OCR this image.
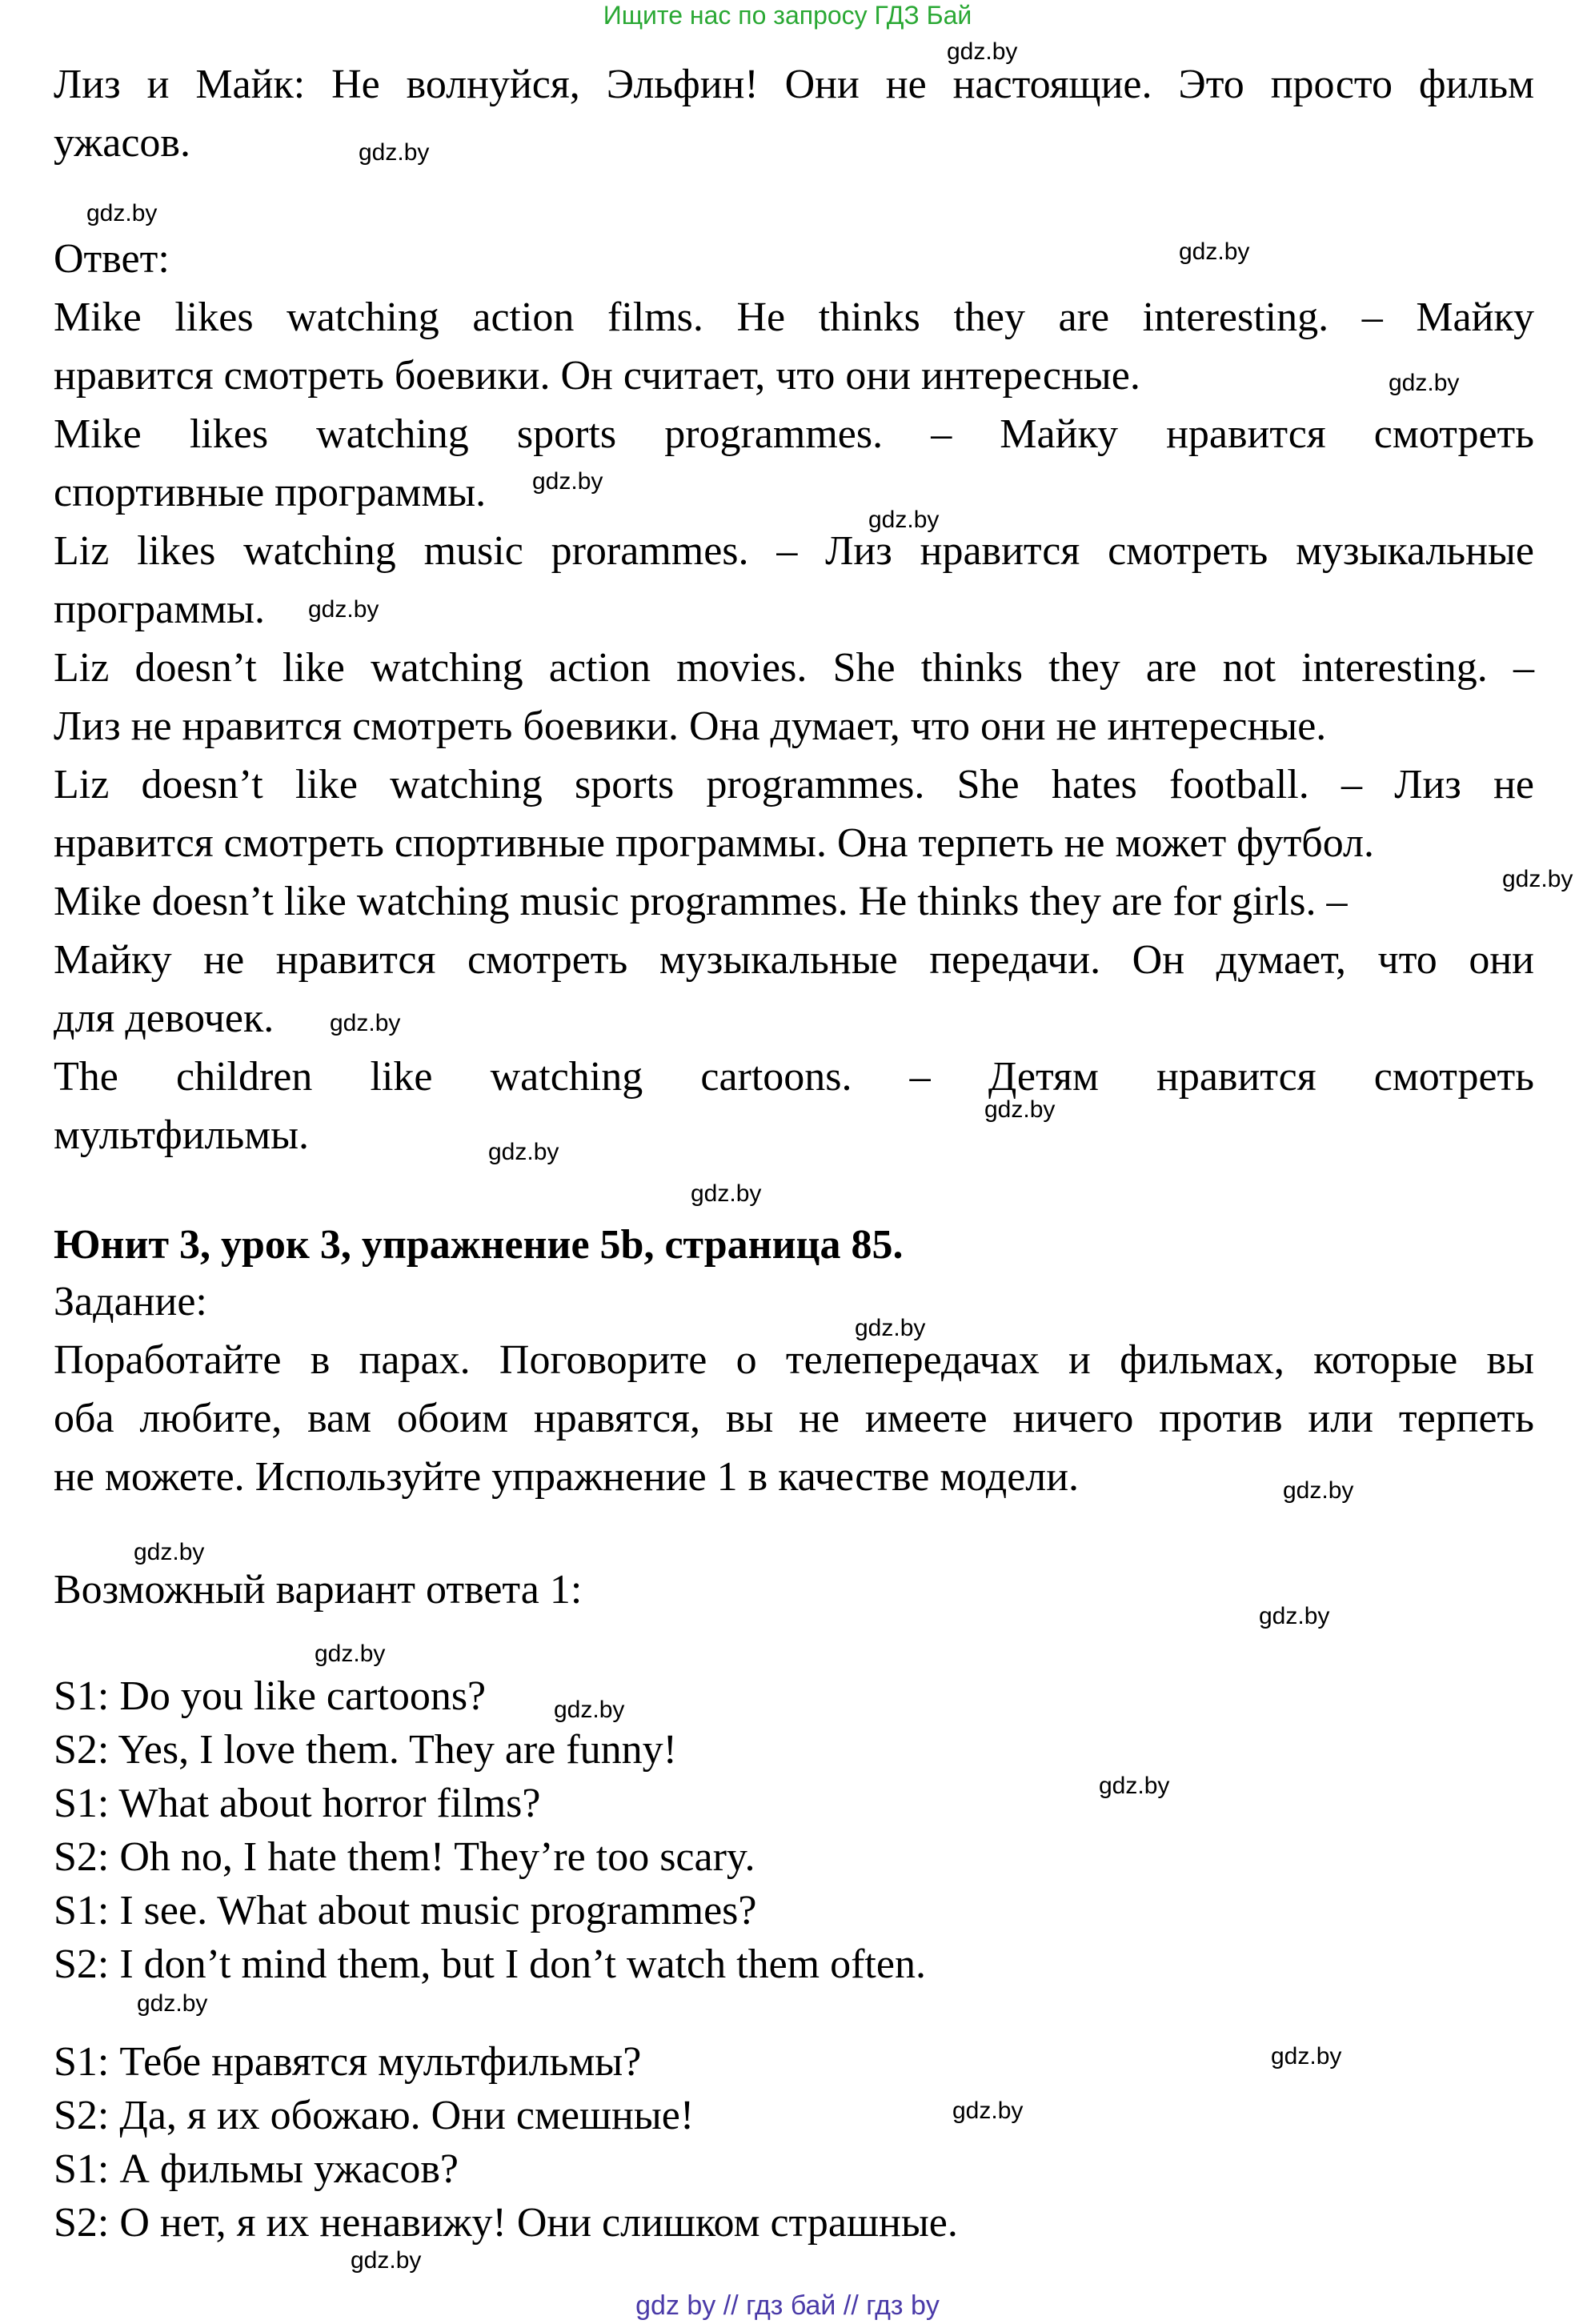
Ищите нас по запросу ГДЗ Бай

Лиз и Майк: Не волнуйся, Эльфин! Они не настоящие. Это просто фильм

ужасов.

Ответ:

Mike likes watching action films. He thinks they are interesting. – Майку

нравится смотреть боевики. Он считает, что они интересные.

Mike likes watching sports programmes. – Майку нравится смотреть

спортивные программы.

Liz likes watching music prorammes. – Лиз нравится смотреть музыкальные

программы.

Liz doesn’t like watching action movies. She thinks they are not interesting. –

Лиз не нравится смотреть боевики. Она думает, что они не интересные.

Liz doesn’t like watching sports programmes. She hates football. – Лиз не

нравится смотреть спортивные программы. Она терпеть не может футбол.

Mike doesn’t like watching music programmes. He thinks they are for girls. –

Майку не нравится смотреть музыкальные передачи. Он думает, что они

для девочек.

The children like watching cartoons. – Детям нравится смотреть

мультфильмы.

Юнит 3, урок 3, упражнение 5b, страница 85.

Задание:

Поработайте в парах. Поговорите о телепередачах и фильмах, которые вы

оба любите, вам обоим нравятся, вы не имеете ничего против или терпеть

не можете. Используйте упражнение 1 в качестве модели.

Возможный вариант ответа 1:

S1: Do you like cartoons?

S2: Yes, I love them. They are funny!

S1: What about horror films?

S2: Oh no, I hate them! They’re too scary.

S1: I see. What about music programmes?

S2: I don’t mind them, but I don’t watch them often.

S1: Тебе нравятся мультфильмы?

S2: Да, я их обожаю. Они смешные!

S1: А фильмы ужасов?

S2: О нет, я их ненавижу! Они слишком страшные.

gdz.by
gdz.by
gdz.by
gdz.by
gdz.by
gdz.by
gdz.by
gdz.by
gdz.by
gdz.by
gdz.by
gdz.by
gdz.by
gdz.by
gdz.by
gdz.by
gdz.by
gdz.by
gdz.by
gdz.by
gdz.by
gdz.by
gdz.by
gdz.by
gdz by // гдз бай // гдз by
